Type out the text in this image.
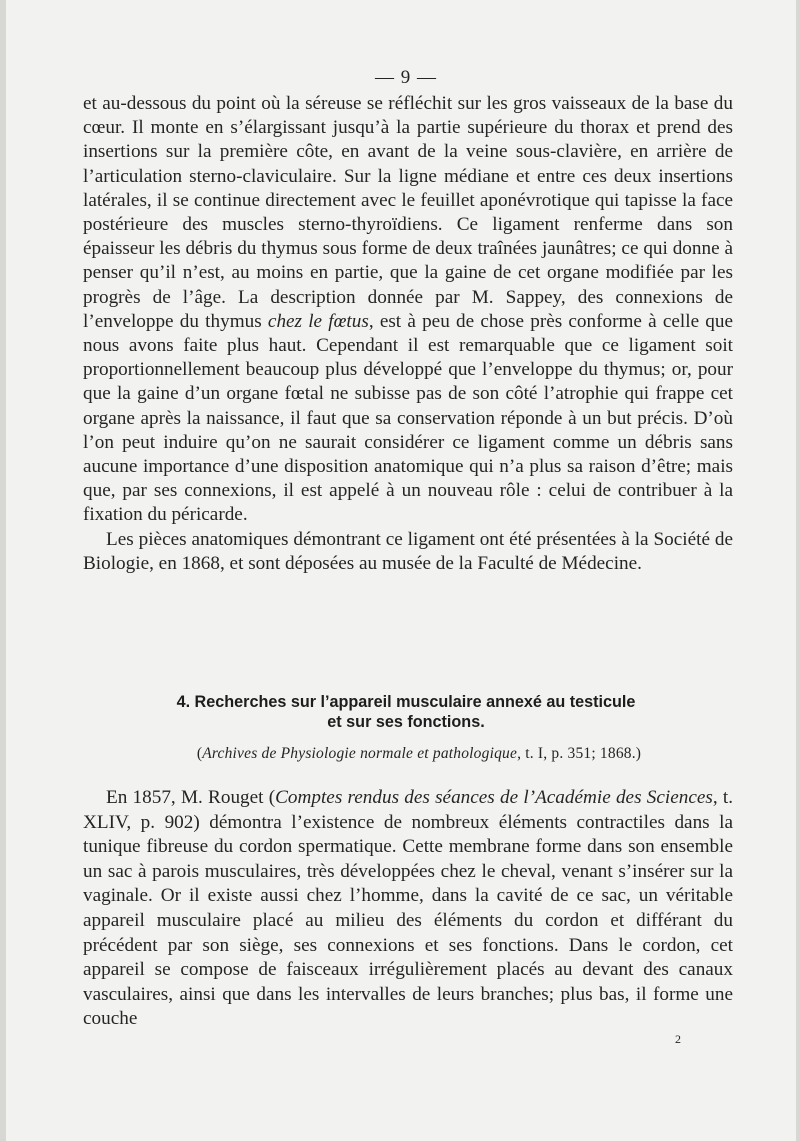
— 9 —

et au-dessous du point où la séreuse se réfléchit sur les gros vaisseaux de la base du cœur. Il monte en s’élargissant jusqu’à la partie supérieure du thorax et prend des insertions sur la première côte, en avant de la veine sous-clavière, en arrière de l’articulation sterno-claviculaire. Sur la ligne médiane et entre ces deux insertions latérales, il se continue directement avec le feuillet aponévrotique qui tapisse la face postérieure des muscles sterno-thyroïdiens. Ce ligament renferme dans son épaisseur les débris du thymus sous forme de deux traînées jaunâtres; ce qui donne à penser qu’il n’est, au moins en partie, que la gaine de cet organe modifiée par les progrès de l’âge. La description donnée par M. Sappey, des connexions de l’enveloppe du thymus chez le fœtus, est à peu de chose près conforme à celle que nous avons faite plus haut. Cependant il est remarquable que ce ligament soit proportionnellement beaucoup plus développé que l’enveloppe du thymus; or, pour que la gaine d’un organe fœtal ne subisse pas de son côté l’atrophie qui frappe cet organe après la naissance, il faut que sa conservation réponde à un but précis. D’où l’on peut induire qu’on ne saurait considérer ce ligament comme un débris sans aucune importance d’une disposition anatomique qui n’a plus sa raison d’être; mais que, par ses connexions, il est appelé à un nouveau rôle : celui de contribuer à la fixation du péricarde.

Les pièces anatomiques démontrant ce ligament ont été présentées à la Société de Biologie, en 1868, et sont déposées au musée de la Faculté de Médecine.

4. Recherches sur l’appareil musculaire annexé au testicule
et sur ses fonctions.
(Archives de Physiologie normale et pathologique, t. I, p. 351; 1868.)

En 1857, M. Rouget (Comptes rendus des séances de l’Académie des Sciences, t. XLIV, p. 902) démontra l’existence de nombreux éléments contractiles dans la tunique fibreuse du cordon spermatique. Cette membrane forme dans son ensemble un sac à parois musculaires, très développées chez le cheval, venant s’insérer sur la vaginale. Or il existe aussi chez l’homme, dans la cavité de ce sac, un véritable appareil musculaire placé au milieu des éléments du cordon et différant du précédent par son siège, ses connexions et ses fonctions. Dans le cordon, cet appareil se compose de faisceaux irrégulièrement placés au devant des canaux vasculaires, ainsi que dans les intervalles de leurs branches; plus bas, il forme une couche

2
